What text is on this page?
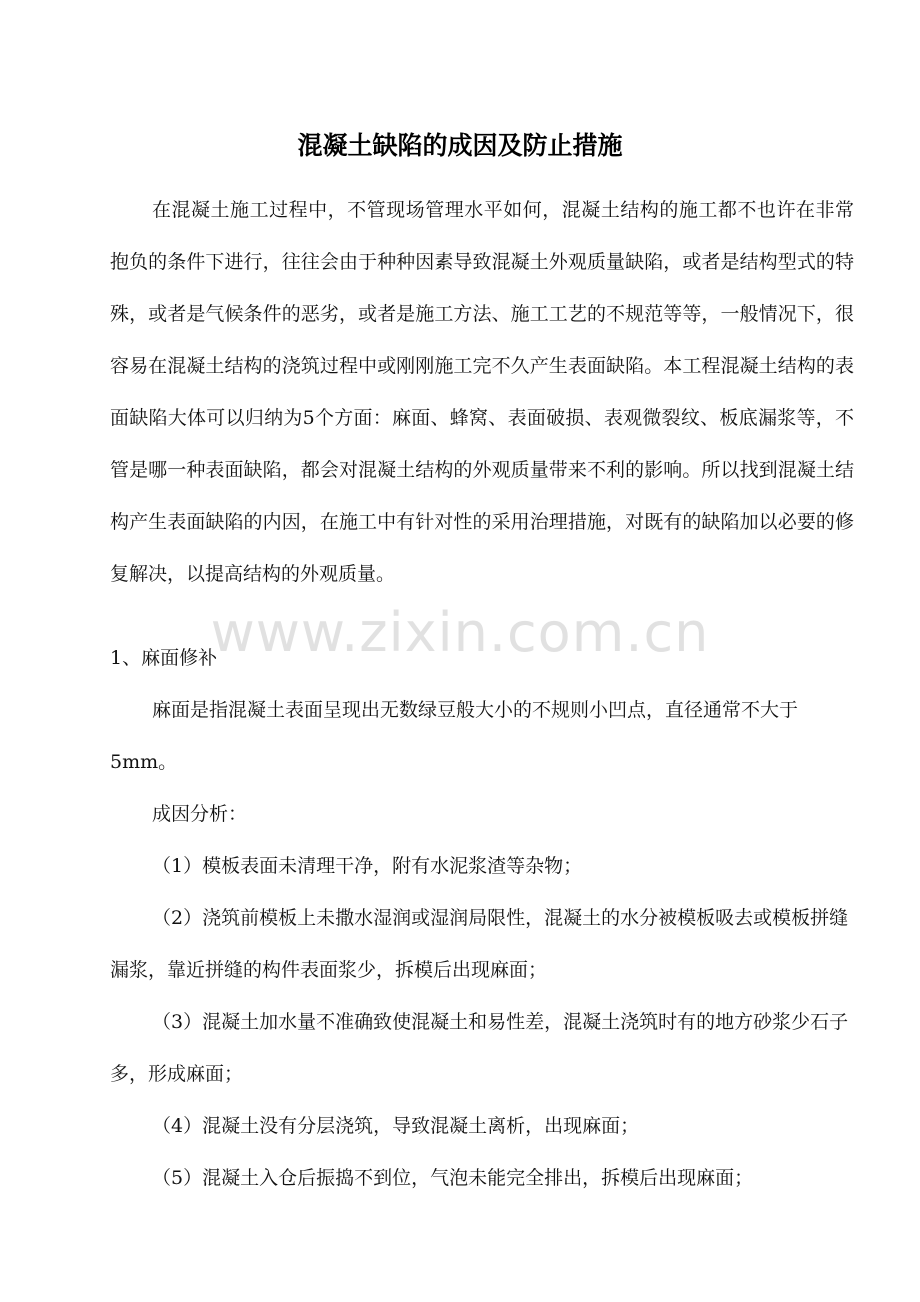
混凝土缺陷的成因及防止措施
在混凝土施工过程中，不管现场管理水平如何，混凝土结构的施工都不也许在非常抱负的条件下进行，往往会由于种种因素导致混凝土外观质量缺陷，或者是结构型式的特殊，或者是气候条件的恶劣，或者是施工方法、施工工艺的不规范等等，一般情况下，很容易在混凝土结构的浇筑过程中或刚刚施工完不久产生表面缺陷。本工程混凝土结构的表面缺陷大体可以归纳为5个方面：麻面、蜂窝、表面破损、表观微裂纹、板底漏浆等，不管是哪一种表面缺陷，都会对混凝土结构的外观质量带来不利的影响。所以找到混凝土结构产生表面缺陷的内因，在施工中有针对性的采用治理措施，对既有的缺陷加以必要的修复解决，以提高结构的外观质量。
www.zixin.com.cn

1、麻面修补

麻面是指混凝土表面呈现出无数绿豆般大小的不规则小凹点，直径通常不大于 5mm。

成因分析：

（1）模板表面未清理干净，附有水泥浆渣等杂物；

（2）浇筑前模板上未撒水湿润或湿润局限性，混凝土的水分被模板吸去或模板拼缝漏浆，靠近拼缝的构件表面浆少，拆模后出现麻面；

（3）混凝土加水量不准确致使混凝土和易性差，混凝土浇筑时有的地方砂浆少石子多，形成麻面；

（4）混凝土没有分层浇筑，导致混凝土离析，出现麻面；

（5）混凝土入仓后振捣不到位，气泡未能完全排出，拆模后出现麻面；
